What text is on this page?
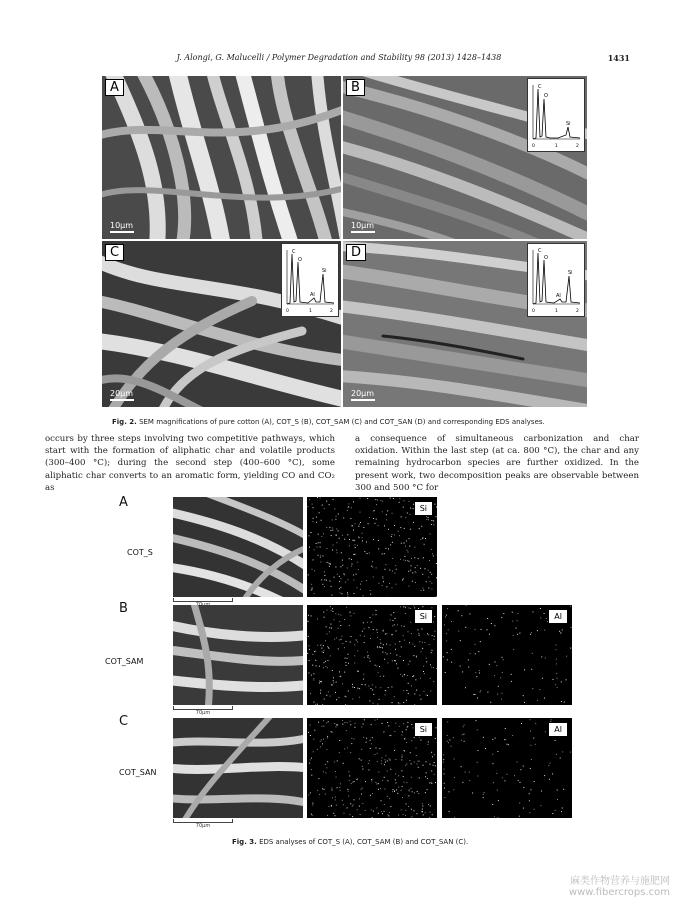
J. Alongi, G. Malucelli / Polymer Degradation and Stability 98 (2013) 1428–1438	1431
A
10μm
B
10μm
C
O
Si
0	1	2
C
20μm
C
O
Al
Si
0	1	2
D
20μm
C
O
Al
Si
0	1	2
Fig. 2. SEM magnifications of pure cotton (A), COT_S (B), COT_SAM (C) and COT_SAN (D) and corresponding EDS analyses.
occurs by three steps involving two competitive pathways, which start with the formation of aliphatic char and volatile products (300–400 °C); during the second step (400–600 °C), some aliphatic char converts to an aromatic form, yielding CO and CO₂ as
a consequence of simultaneous carbonization and char oxidation. Within the last step (at ca. 800 °C), the char and any remaining hydrocarbon species are further oxidized. In the present work, two decomposition peaks are observable between 300 and 500 °C for
A
COT_S
Si
B
COT_SAM
70μm
Si	Al
C
COT_SAN
70μm
Si	Al
Fig. 3. EDS analyses of COT_S (A), COT_SAM (B) and COT_SAN (C).
麻类作物营养与施肥网
www.fibercrops.com
